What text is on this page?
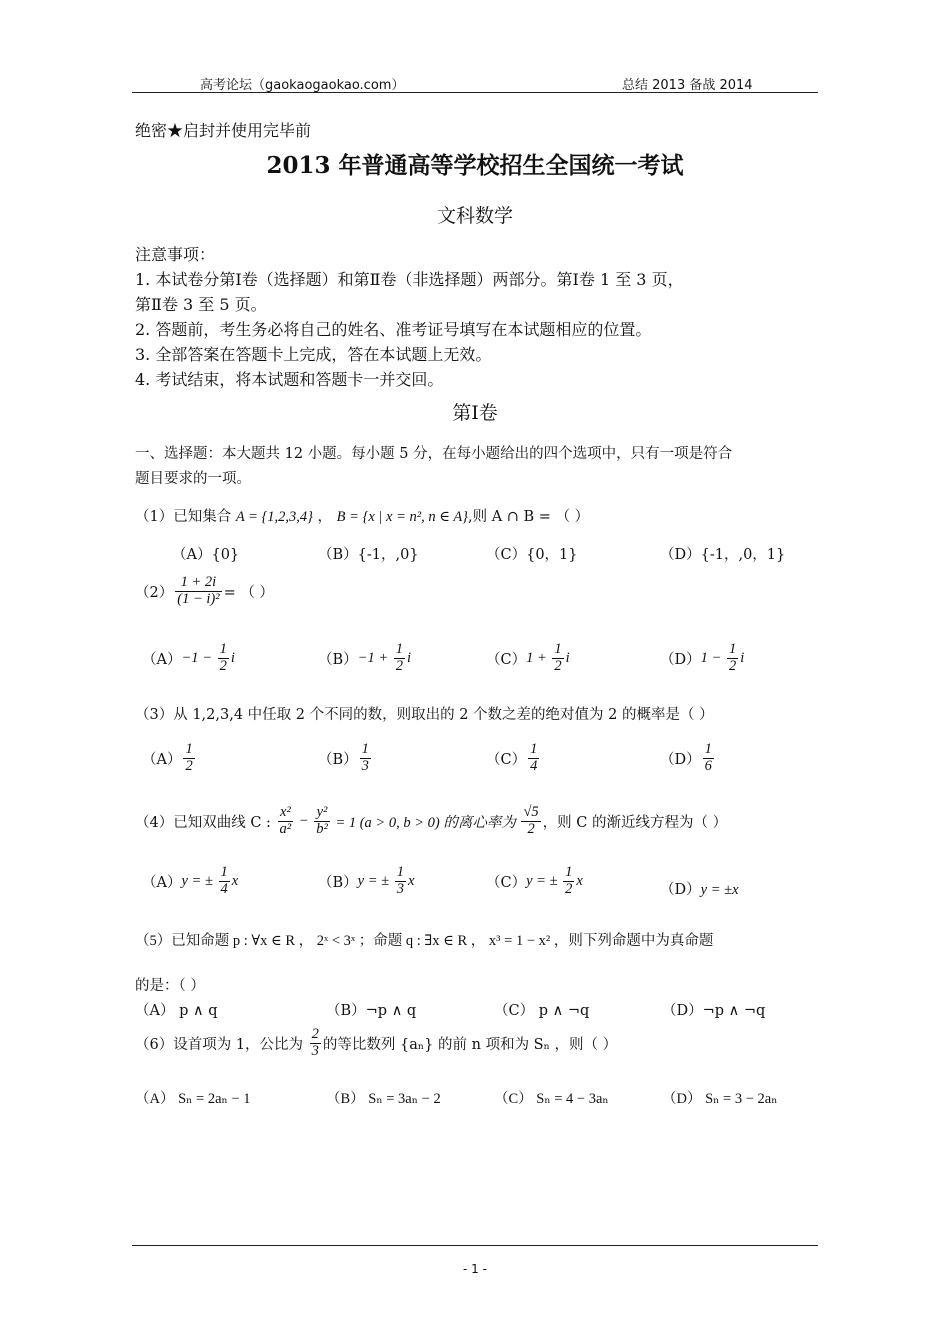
高考论坛（gaokaogaokao.com）	总结 2013 备战 2014
绝密★启封并使用完毕前
2013 年普通高等学校招生全国统一考试
文科数学
注意事项：
1. 本试卷分第Ⅰ卷（选择题）和第Ⅱ卷（非选择题）两部分。第Ⅰ卷 1 至 3 页，
第Ⅱ卷 3 至 5 页。
2. 答题前，考生务必将自己的姓名、准考证号填写在本试题相应的位置。
3. 全部答案在答题卡上完成，答在本试题上无效。
4. 考试结束，将本试题和答题卡一并交回。
第Ⅰ卷
一、选择题：本大题共 12 小题。每小题 5 分，在每小题给出的四个选项中，只有一项是符合
题目要求的一项。
（1）已知集合 A = {1,2,3,4} ， B = {x | x = n², n ∈ A},则 A ∩ B = （ ）
（A）{0}	（B）{-1，,0}	（C）{0，1}	（D）{-1，,0，1}
$(2) \frac{1 + 2i}{\text{(1 − i)²}}$ = （ ）
$(A)-1 - \frac{1}{2}$ i	$(B)-1 + \frac{1}{2}$ i	$(C)1 + \frac{1}{2}$ i	$(D)1 - \frac{1}{2}$ i
（3）从 1,2,3,4 中任取 2 个不同的数，则取出的 2 个数之差的绝对值为 2 的概率是（ ）
$(A) \frac{1}{2}$	$(B) \frac{1}{3}$	$(C) \frac{1}{4}$	$(D) \frac{1}{6}$
（4）已知双曲线 C : $\frac{\text{x²}}{\text{a²}} - \frac{\text{y²}}{\text{b²}} = 1$ (a > 0, b > 0) 的离心率为 $\frac{√5}{2}$ ，则 C 的渐近线方程为（ ）
（A）y = ± $\frac{1}{4}$ x	（B）y = ± $\frac{1}{3}$ x	（C）y = ± $\frac{1}{2}$ x
（D）y = ±x
（5）已知命题 p : ∀x ∈ R ， 2ˣ < 3ˣ ；命题 q : ∃x ∈ R ， x³ = 1 − x² ，则下列命题中为真命题
的是：（ ）
（A） p ∧ q	（B）¬p ∧ q	（C） p ∧ ¬q	（D）¬p ∧ ¬q
（6）设首项为 1，公比为 $\frac{2}{3}$ 的等比数列 {aₙ} 的前 n 项和为 Sₙ ，则（ ）
（A） Sₙ = 2aₙ − 1	（B） Sₙ = 3aₙ − 2	（C） Sₙ = 4 − 3aₙ	（D） Sₙ = 3 − 2aₙ
- 1 -
